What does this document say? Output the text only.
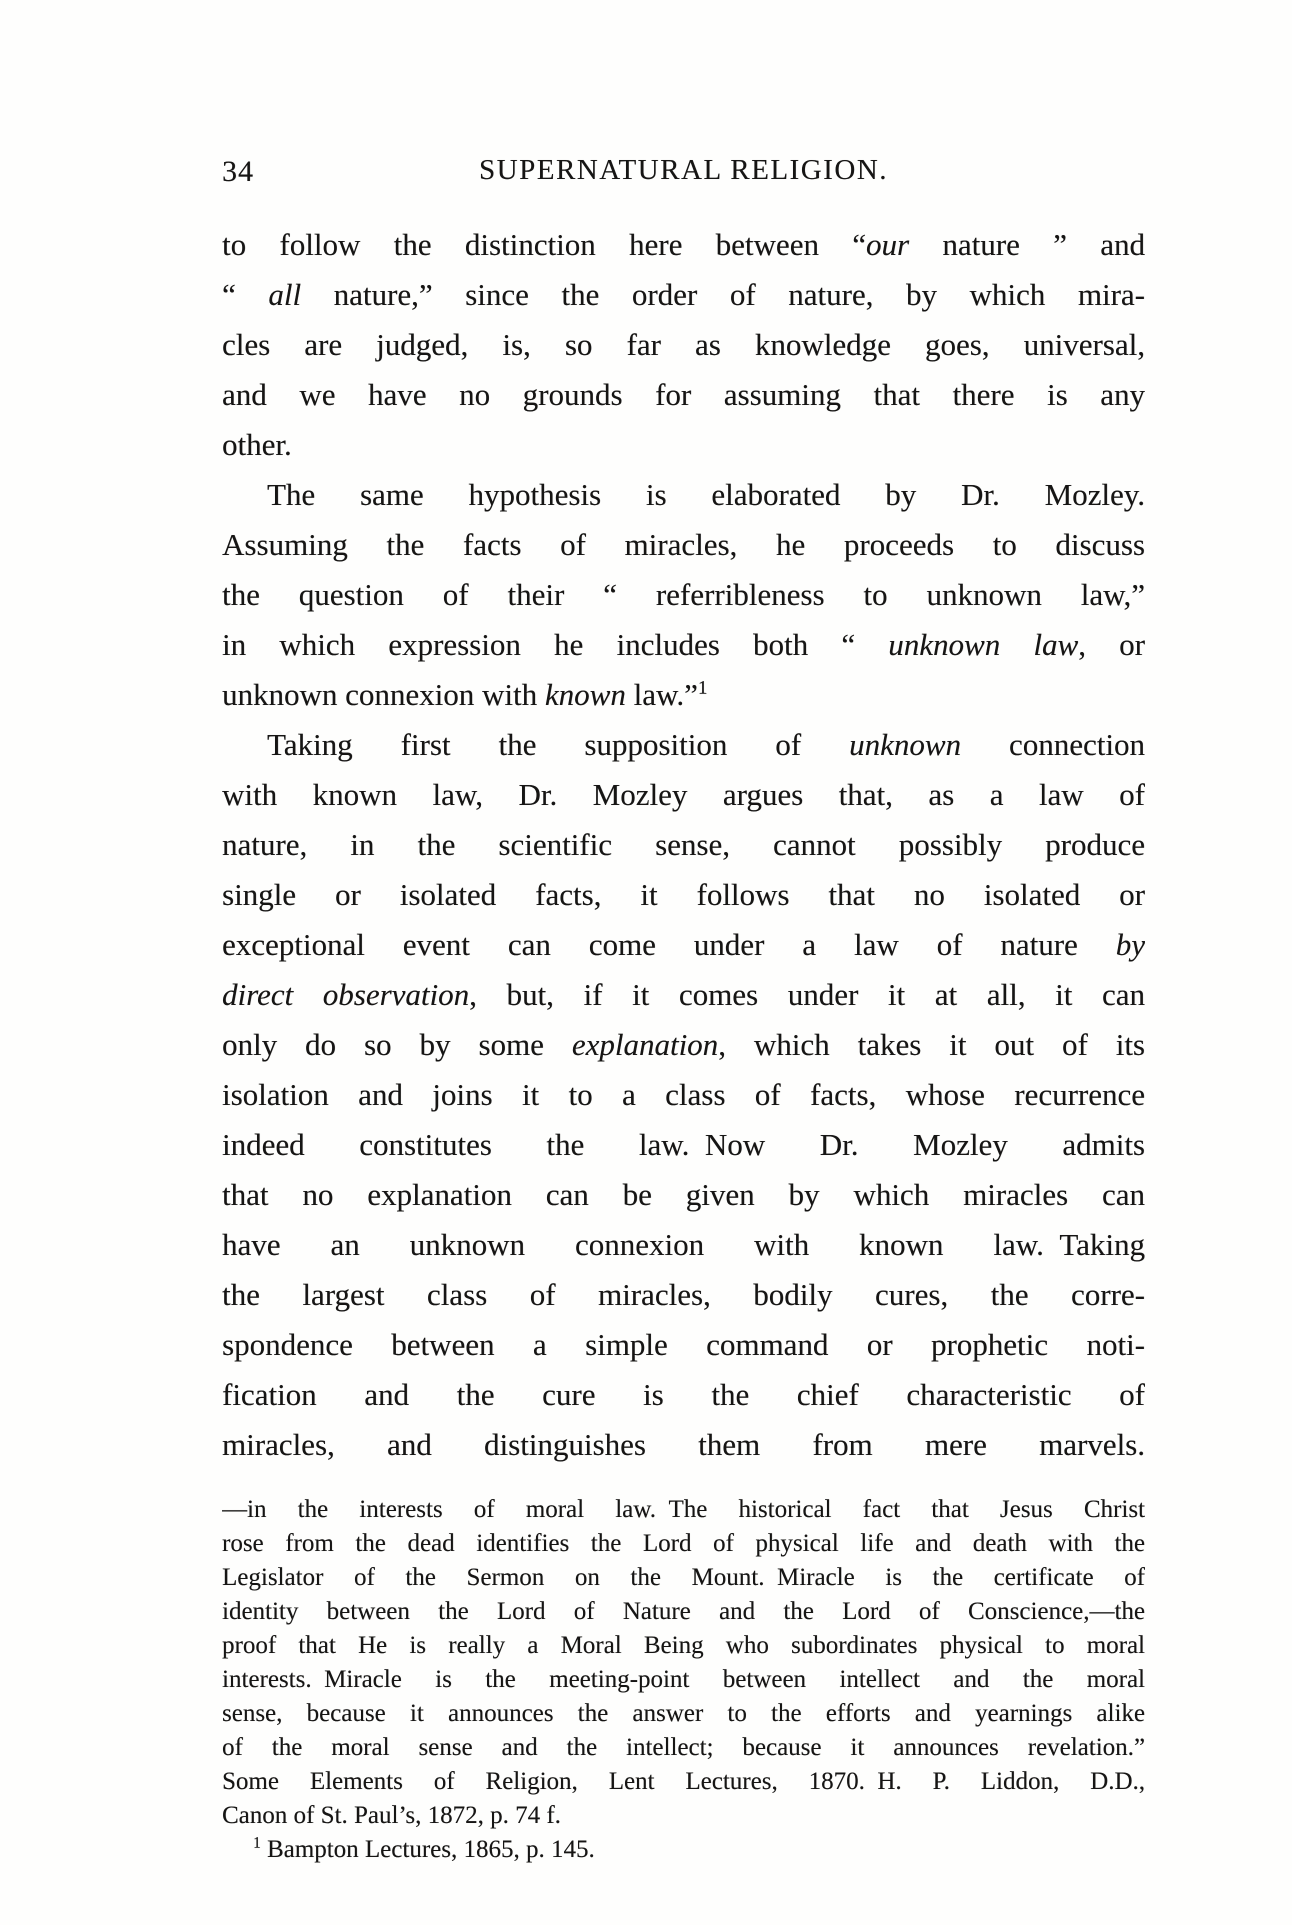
34	SUPERNATURAL RELIGION.
to follow the distinction here between “our nature ” and
“ all nature,” since the order of nature, by which mira-
cles are judged, is, so far as knowledge goes, universal,
and we have no grounds for assuming that there is any
other.
The same hypothesis is elaborated by Dr. Mozley.
Assuming the facts of miracles, he proceeds to discuss
the question of their “ referribleness to unknown law,”
in which expression he includes both “ unknown law, or
unknown connexion with known law.”$^1$
Taking first the supposition of unknown connection
with known law, Dr. Mozley argues that, as a law of
nature, in the scientific sense, cannot possibly produce
single or isolated facts, it follows that no isolated or
exceptional event can come under a law of nature by
direct observation, but, if it comes under it at all, it can
only do so by some explanation, which takes it out of its
isolation and joins it to a class of facts, whose recurrence
indeed constitutes the law. Now Dr. Mozley admits
that no explanation can be given by which miracles can
have an unknown connexion with known law. Taking
the largest class of miracles, bodily cures, the corre-
spondence between a simple command or prophetic noti-
fication and the cure is the chief characteristic of
miracles, and distinguishes them from mere marvels.
—in the interests of moral law. The historical fact that Jesus Christ
rose from the dead identifies the Lord of physical life and death with the
Legislator of the Sermon on the Mount. Miracle is the certificate of
identity between the Lord of Nature and the Lord of Conscience,—the
proof that He is really a Moral Being who subordinates physical to moral
interests. Miracle is the meeting-point between intellect and the moral
sense, because it announces the answer to the efforts and yearnings alike
of the moral sense and the intellect; because it announces revelation.”
Some Elements of Religion, Lent Lectures, 1870. H. P. Liddon, D.D.,
Canon of St. Paul’s, 1872, p. 74 f.
$^1$ Bampton Lectures, 1865, p. 145.
